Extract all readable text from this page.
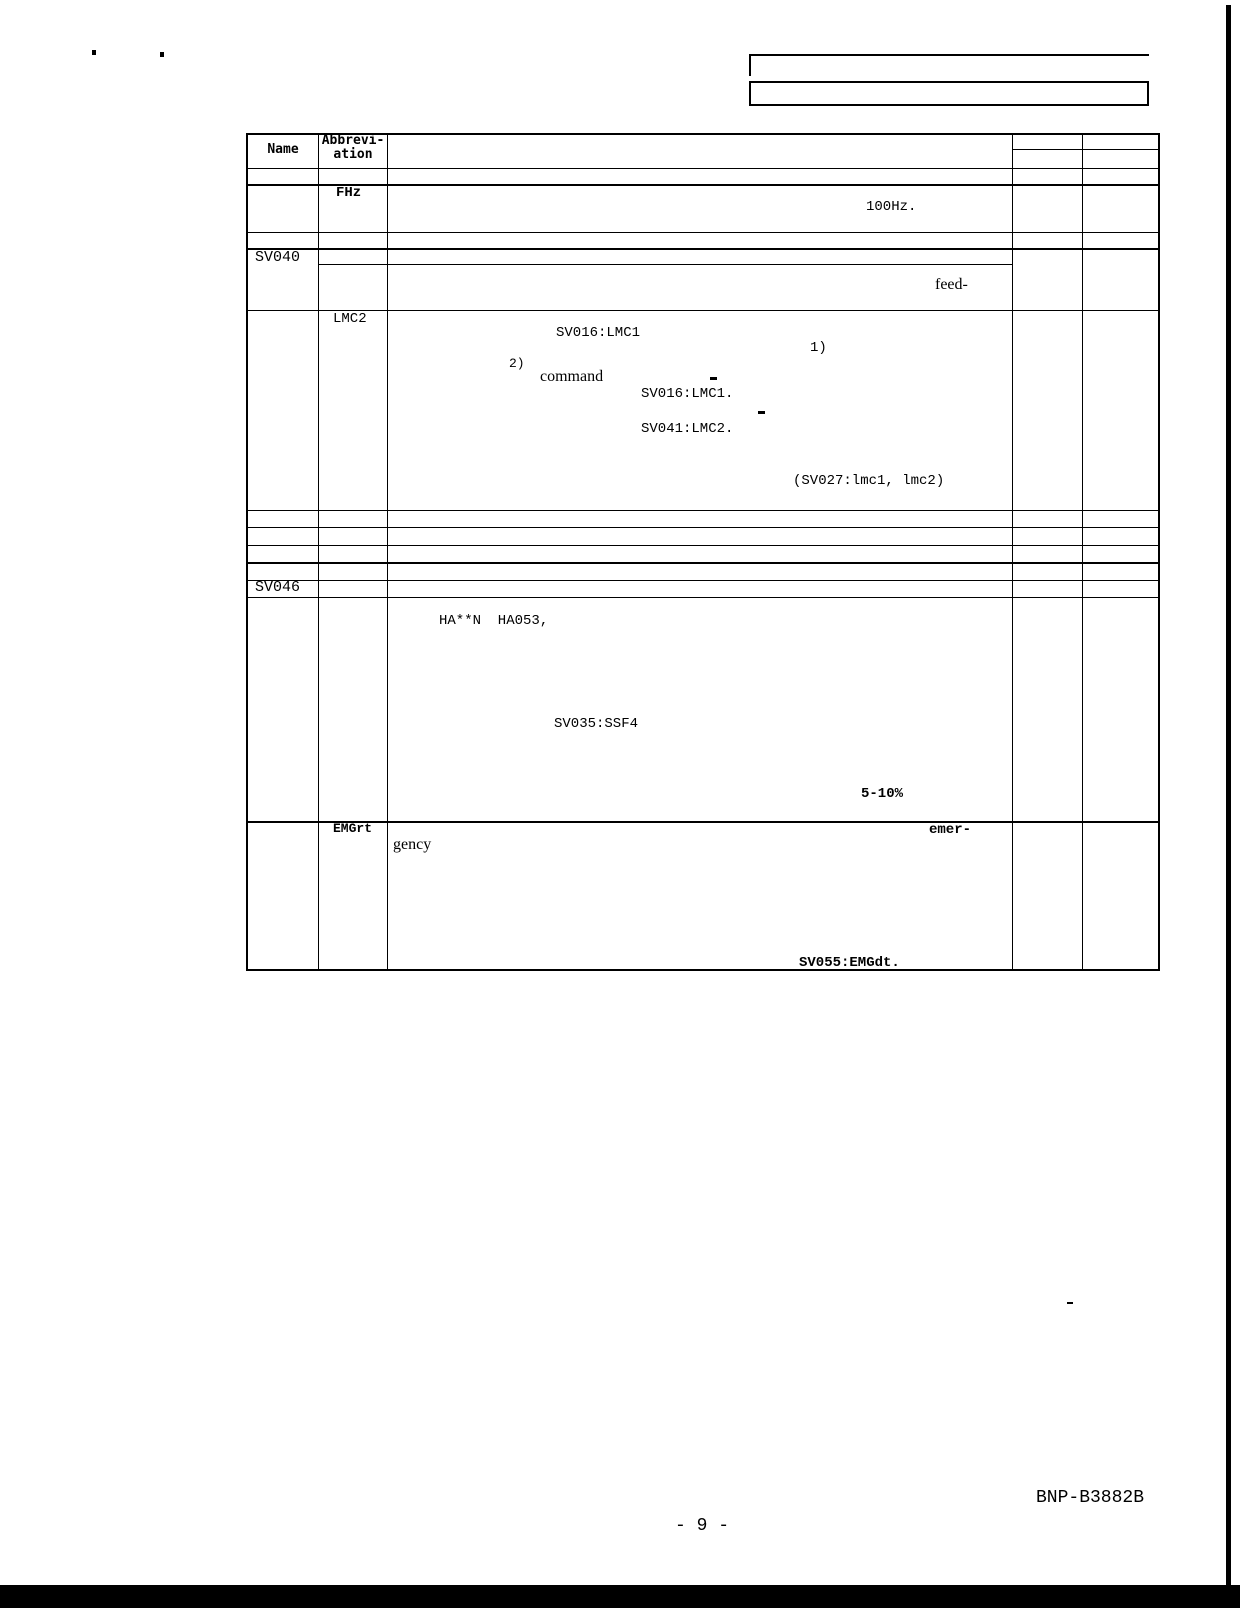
Name
Abbrevi-
ation
FHz
100Hz.
SV040
feed-
LMC2
SV016:LMC1
1)
2)
command
SV016:LMC1.
SV041:LMC2.
(SV027:lmc1, lmc2)
SV046
HA**N  HA053,
SV035:SSF4
5-10%
EMGrt	emer-
gency
SV055:EMGdt.
BNP-B3882B
- 9 -
